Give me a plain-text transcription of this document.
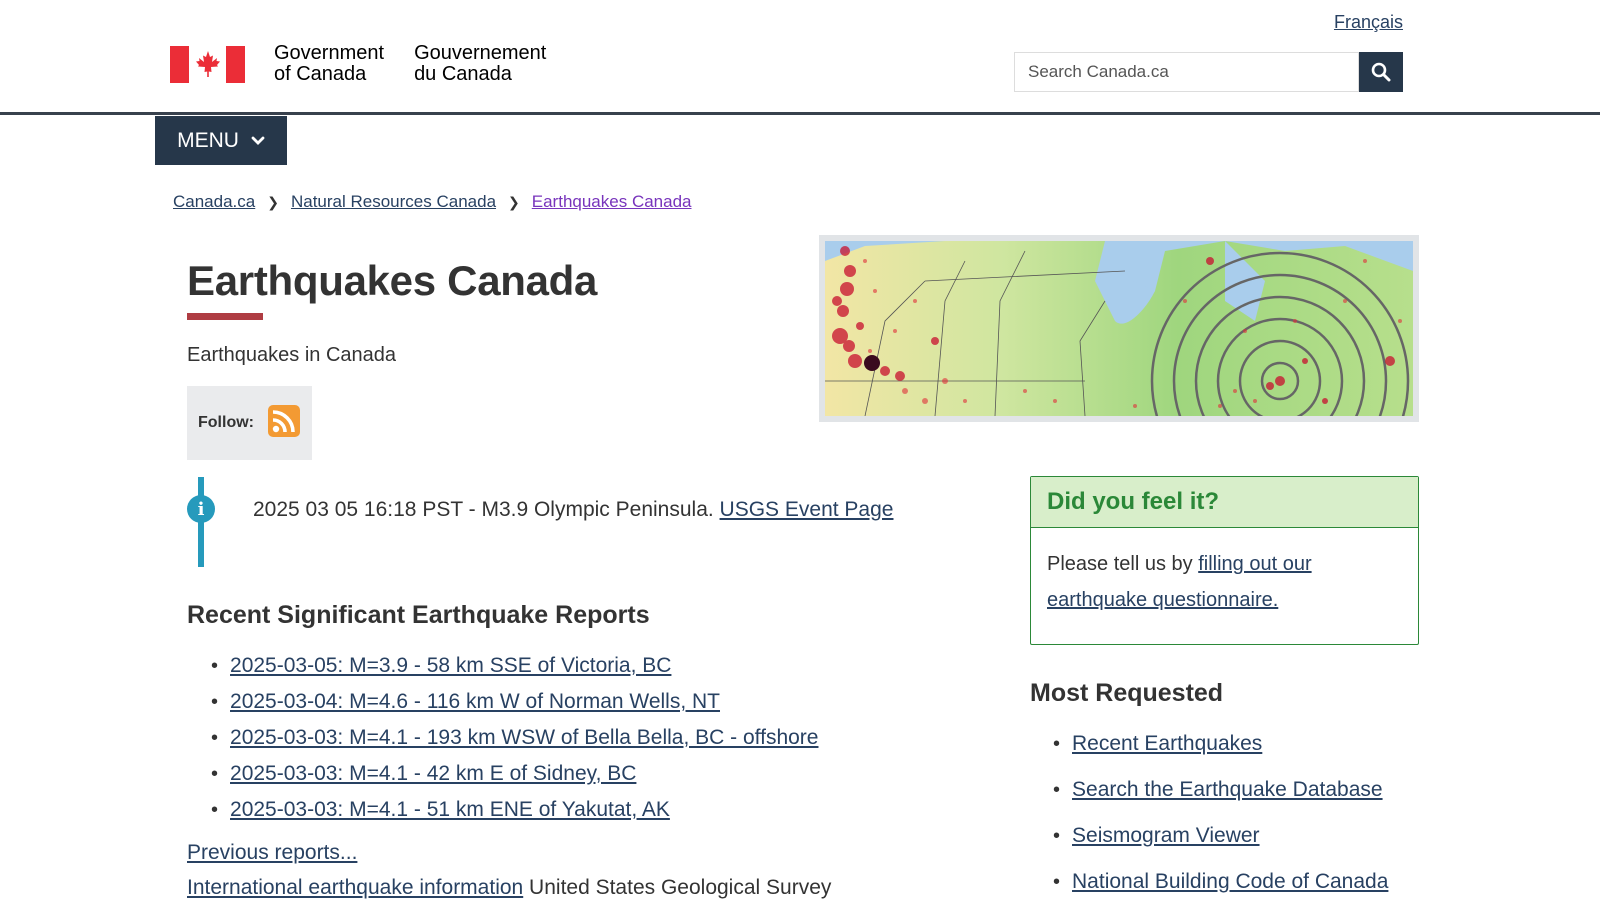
Français
Government
of Canada
Gouvernement
du Canada
Search Canada.ca
MENU
Canada.ca ❯ Natural Resources Canada ❯ Earthquakes Canada
Earthquakes Canada

Earthquakes in Canada

Follow:
i	2025 03 05 16:18 PST - M3.9 Olympic Peninsula. USGS Event Page

Recent Significant Earthquake Reports
• 2025-03-05: M=3.9 - 58 km SSE of Victoria, BC
• 2025-03-04: M=4.6 - 116 km W of Norman Wells, NT
• 2025-03-03: M=4.1 - 193 km WSW of Bella Bella, BC - offshore
• 2025-03-03: M=4.1 - 42 km E of Sidney, BC
• 2025-03-03: M=4.1 - 51 km ENE of Yakutat, AK
Previous reports...

International earthquake information United States Geological Survey

Did you feel it?
Please tell us by filling out our earthquake questionnaire.
Most Requested
• Recent Earthquakes
• Search the Earthquake Database
• Seismogram Viewer
• National Building Code of Canada
